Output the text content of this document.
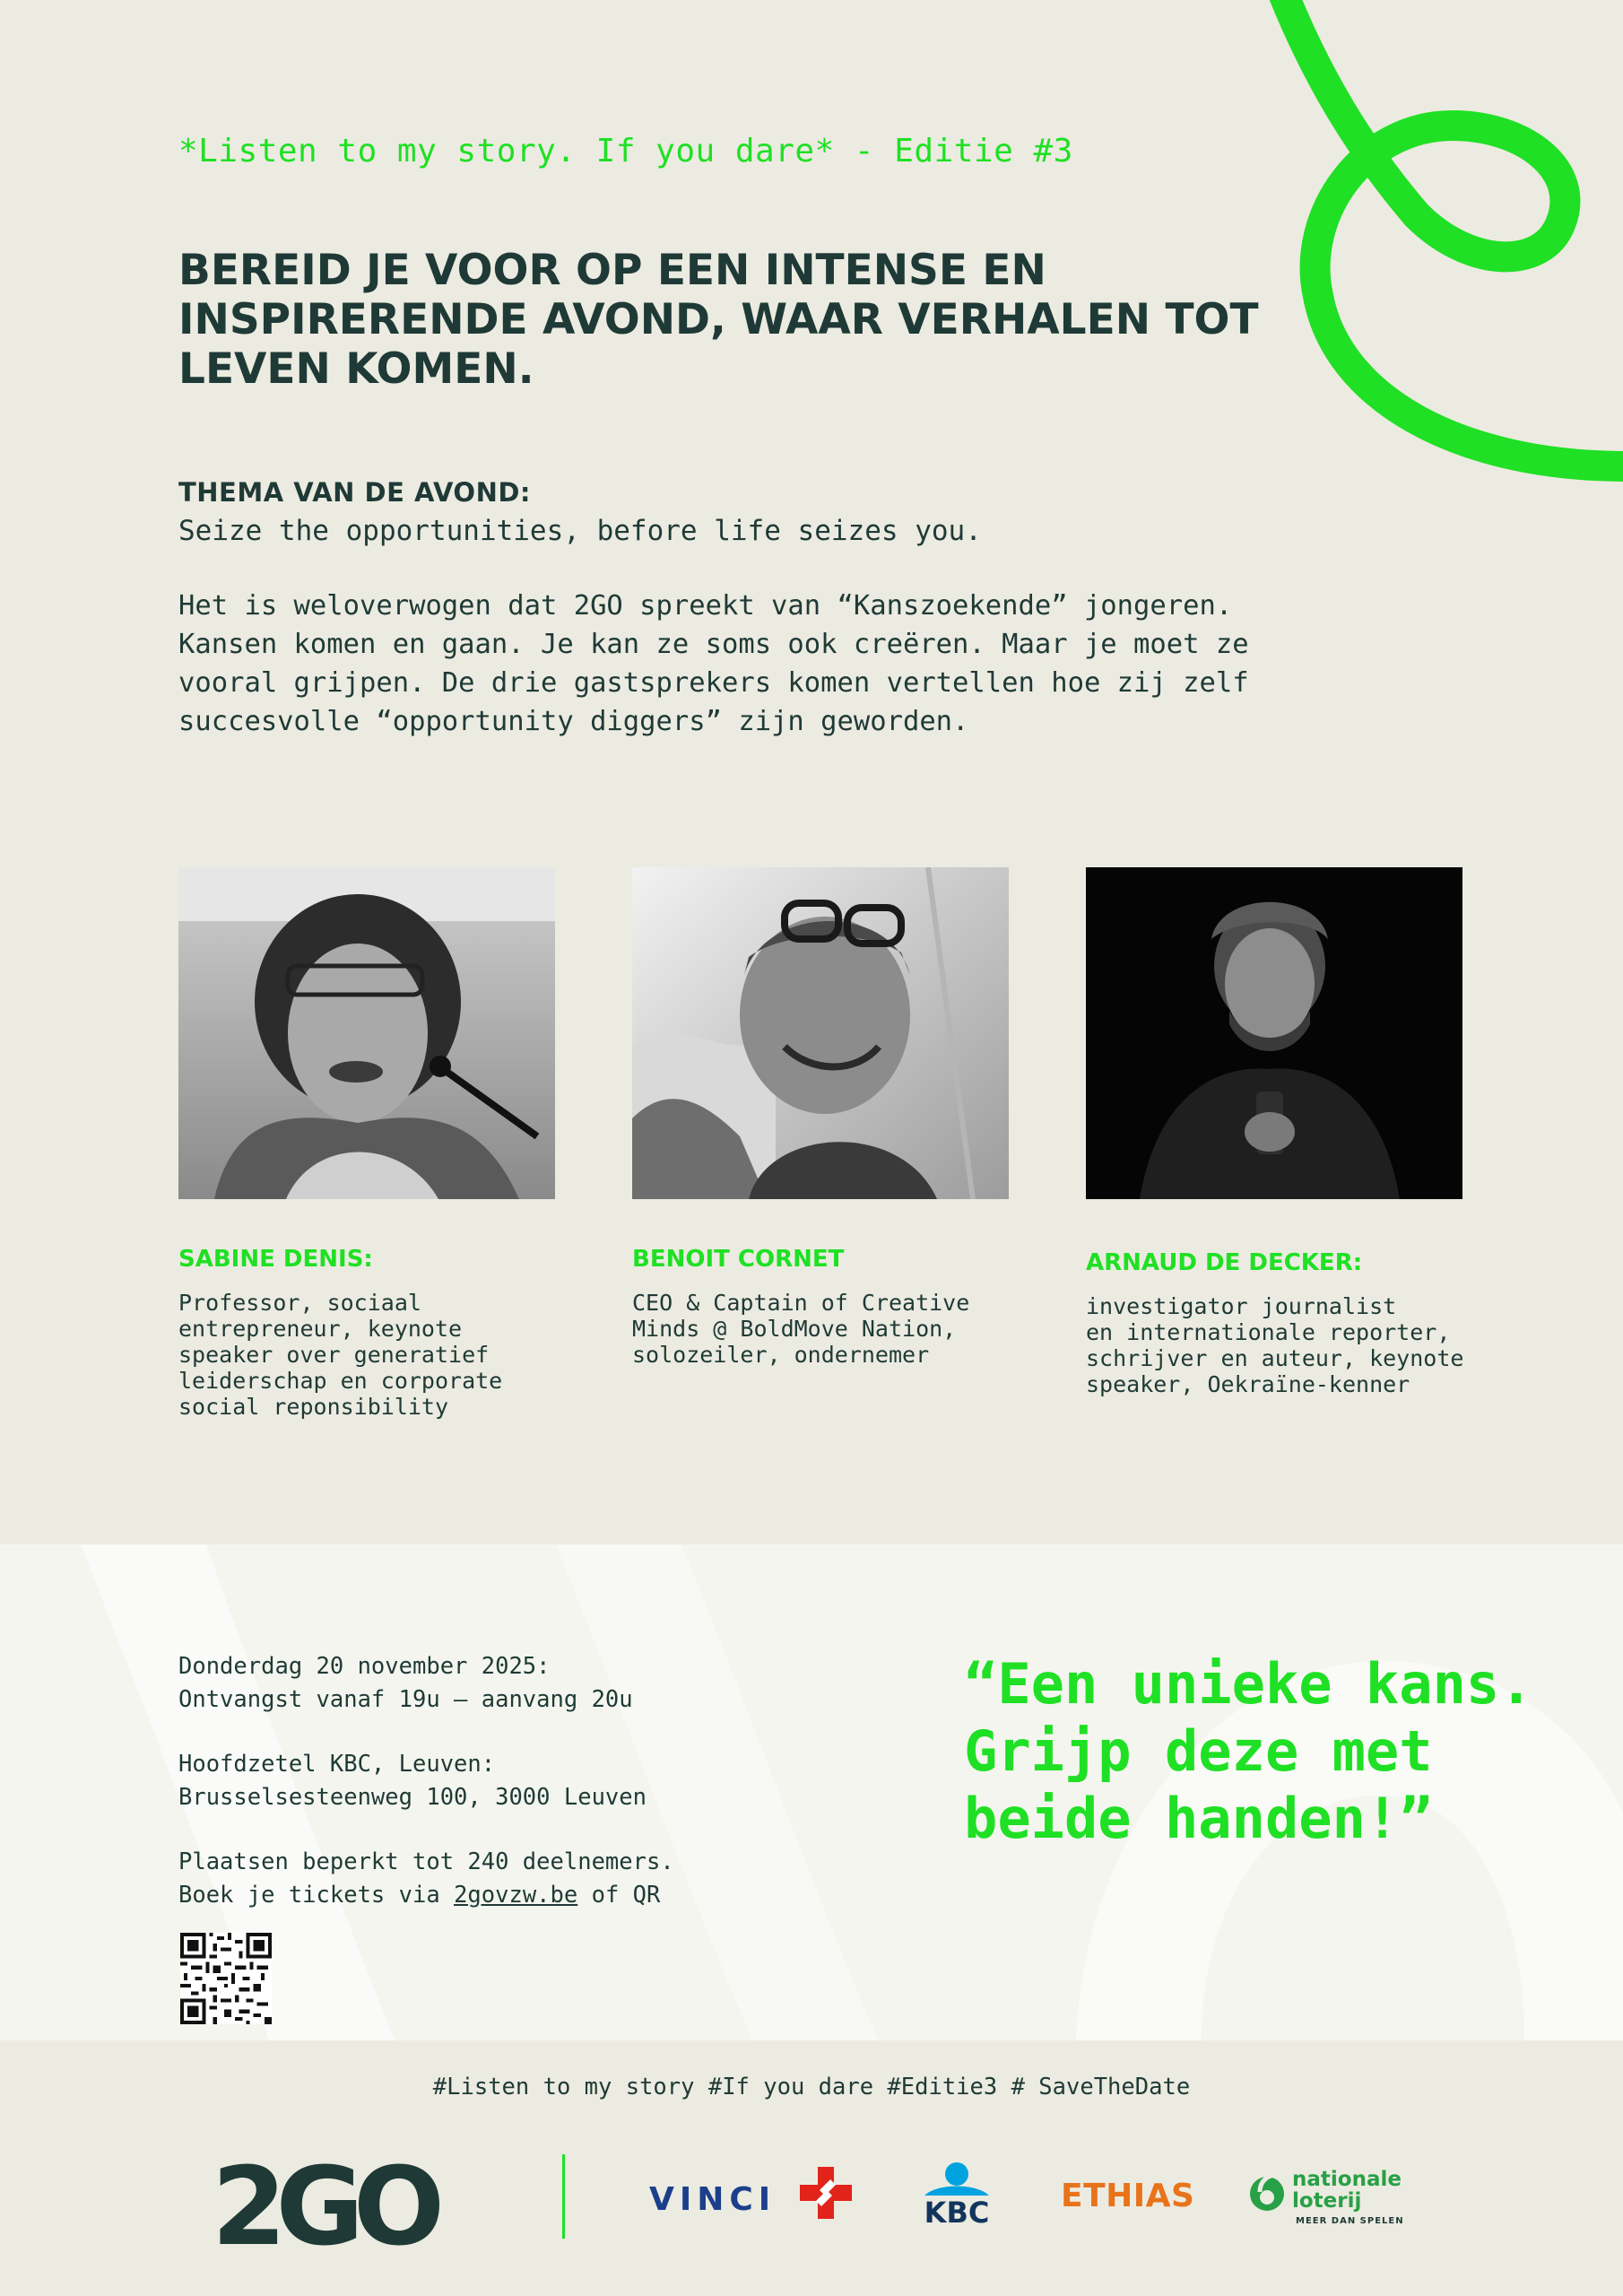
*Listen to my story. If you dare* - Editie #3
BEREID JE VOOR OP EEN INTENSE EN INSPIRERENDE AVOND, WAAR VERHALEN TOT LEVEN KOMEN.
THEMA VAN DE AVOND:
Seize the opportunities, before life seizes you.

Het is weloverwogen dat 2GO spreekt van “Kanszoekende” jongeren. Kansen komen en gaan. Je kan ze soms ook creëren. Maar je moet ze vooral grijpen. De drie gastsprekers komen vertellen hoe zij zelf succesvolle “opportunity diggers” zijn geworden.

SABINE DENIS:

Professor, sociaal
entrepreneur, keynote
speaker over generatief
leiderschap en corporate
social reponsibility

BENOIT CORNET

CEO & Captain of Creative
Minds @ BoldMove Nation,
solozeiler, ondernemer

ARNAUD DE DECKER:

investigator journalist
en internationale reporter,
schrijver en auteur, keynote
speaker, Oekraïne-kenner

Donderdag 20 november 2025:
Ontvangst vanaf 19u – aanvang 20u
Hoofdzetel KBC, Leuven:
Brusselsesteenweg 100, 3000 Leuven
Plaatsen beperkt tot 240 deelnemers.
Boek je tickets via 2govzw.be of QR

“Een unieke kans. Grijp deze met beide handen!”

#Listen to my story #If you dare #Editie3 # SaveTheDate
2GO	VINCI	KBC ETHIAS	nationale
loterij
MEER DAN SPELEN
